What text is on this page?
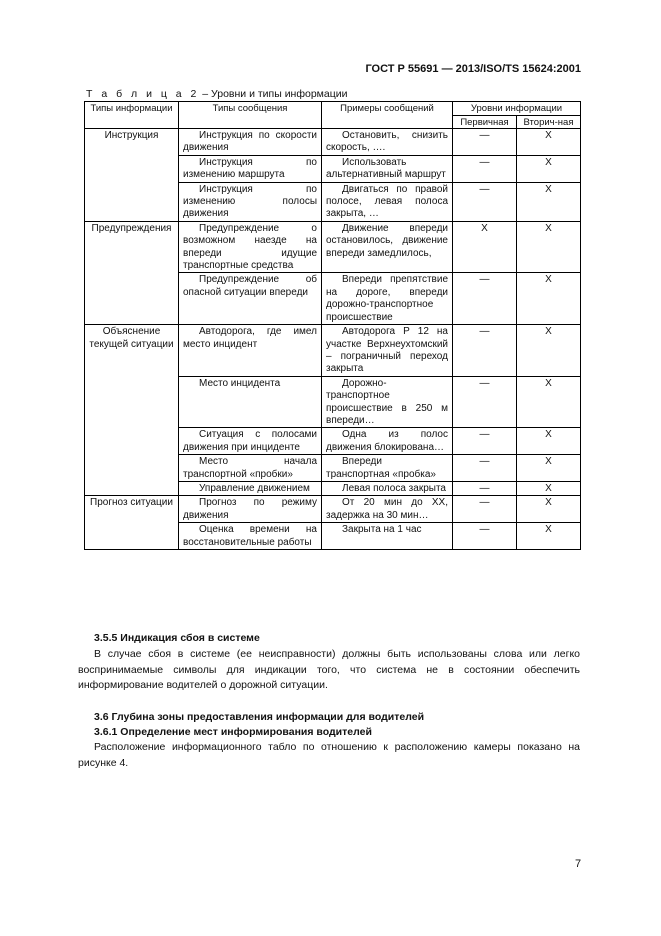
ГОСТ Р 55691 — 2013/ISO/TS 15624:2001
Т а б л и ц а 2 – Уровни и типы информации
Типы информации	Типы сообщения	Примеры сообщений	Уровни информации	
			Первичная	Вторич-ная
Инструкция	Инструкция по скорости движения	Остановить, снизить скорость, ….	—	X
	Инструкция по изменению маршрута	Использовать альтернативный маршрут	—	X
	Инструкция по изменению полосы движения	Двигаться по правой полосе, левая полоса закрыта, …	—	X
Предупреждения	Предупреждение о возможном наезде на впереди идущие транспортные средства	Движение впереди остановилось, движение впереди замедлилось,	X	X
	Предупреждение об опасной ситуации впереди	Впереди препятствие на дороге, впереди дорожно-транспортное происшествие	—	X
Объяснение текущей ситуации	Автодорога, где имел место инцидент	Автодорога Р 12 на участке Верхнеухтомский – пограничный переход закрыта	—	X
	Место инцидента	Дорожно-транспортное происшествие в 250 м впереди…	—	X
	Ситуация с полосами движения при инциденте	Одна из полос движения блокирована…	—	X
	Место начала транспортной «пробки»	Впереди транспортная «пробка»	—	X
	Управление движением	Левая полоса закрыта	—	X
Прогноз ситуации	Прогноз по режиму движения	От 20 мин до ХХ, задержка на 30 мин…	—	X
	Оценка времени на восстановительные работы	Закрыта на 1 час	—	X
3.5.5 Индикация сбоя в системе
В случае сбоя в системе (ее неисправности) должны быть использованы слова или легко воспринимаемые символы для индикации того, что система не в состоянии обеспечить информирование водителей о дорожной ситуации.
3.6 Глубина зоны предоставления информации для водителей
3.6.1 Определение мест информирования водителей
Расположение информационного табло по отношению к расположению камеры показано на рисунке 4.
7
